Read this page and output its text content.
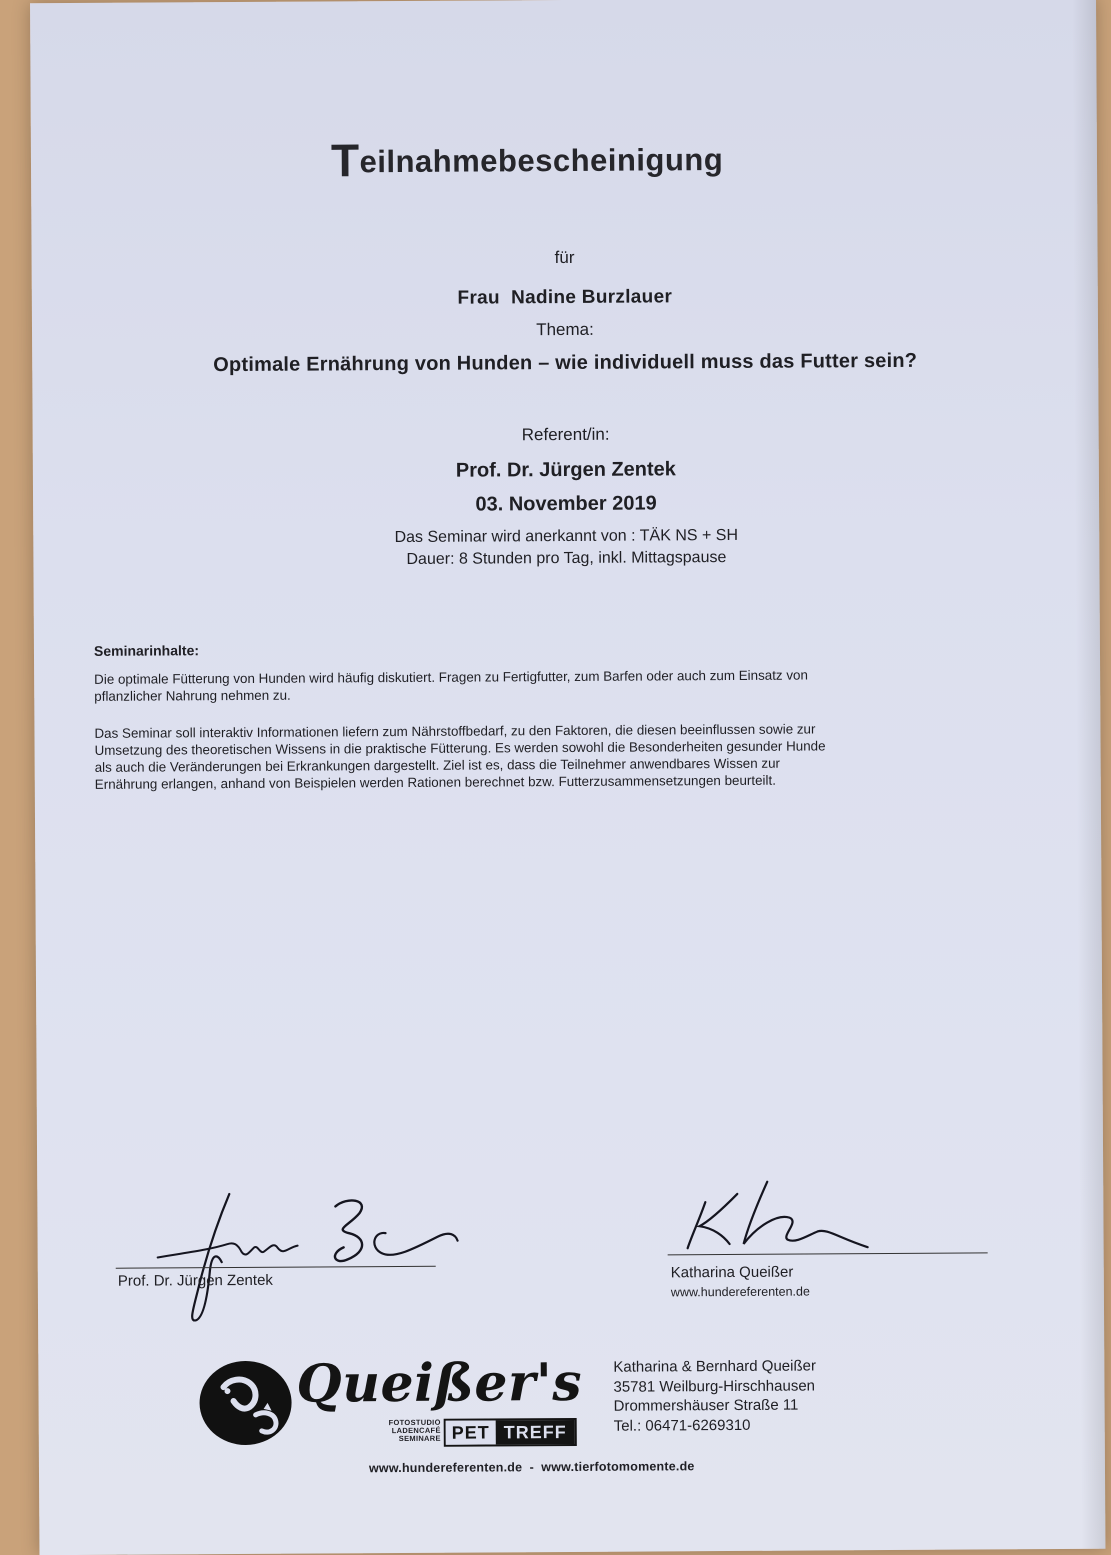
Teilnahmebescheinigung
für
Frau  Nadine Burzlauer
Thema:
Optimale Ernährung von Hunden – wie individuell muss das Futter sein?
Referent/in:
Prof. Dr. Jürgen Zentek
03. November 2019
Das Seminar wird anerkannt von : TÄK NS + SH
Dauer: 8 Stunden pro Tag, inkl. Mittagspause
Seminarinhalte:
Die optimale Fütterung von Hunden wird häufig diskutiert. Fragen zu Fertigfutter, zum Barfen oder auch zum Einsatz von
pflanzlicher Nahrung nehmen zu.
Das Seminar soll interaktiv Informationen liefern zum Nährstoffbedarf, zu den Faktoren, die diesen beeinflussen sowie zur
Umsetzung des theoretischen Wissens in die praktische Fütterung. Es werden sowohl die Besonderheiten gesunder Hunde
als auch die Veränderungen bei Erkrankungen dargestellt. Ziel ist es, dass die Teilnehmer anwendbares Wissen zur
Ernährung erlangen, anhand von Beispielen werden Rationen berechnet bzw. Futterzusammensetzungen beurteilt.
Prof. Dr. Jürgen Zentek	Katharina Queißer
www.hundereferenten.de
Queißer's
FOTOSTUDIO
LADENCAFÉ
SEMINARE PET TREFF
Katharina & Bernhard Queißer
35781 Weilburg-Hirschhausen
Drommershäuser Straße 11
Tel.: 06471-6269310
www.hundereferenten.de  -  www.tierfotomomente.de
